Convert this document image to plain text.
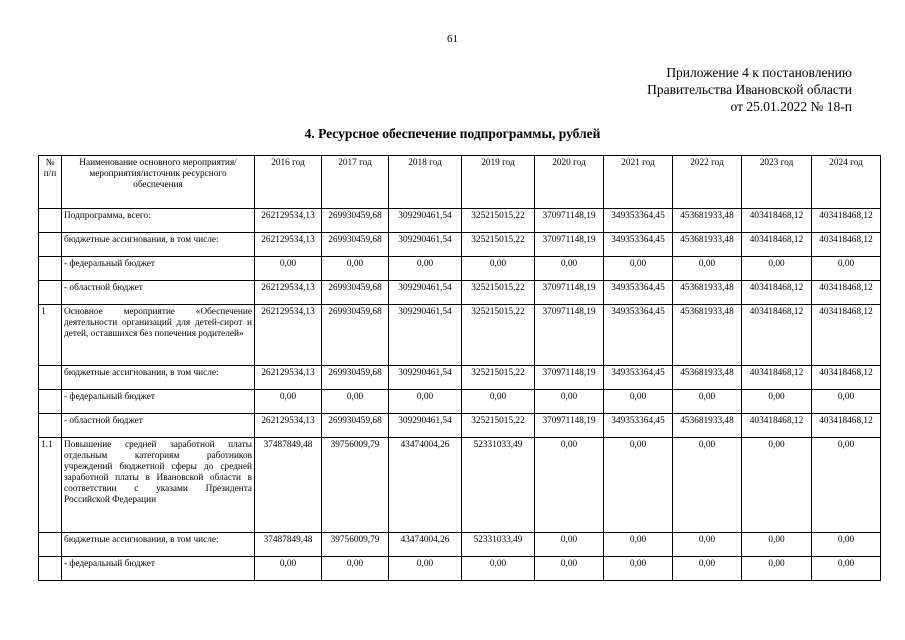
61
Приложение 4 к постановлению
Правительства Ивановской области
от 25.01.2022 № 18-п
4. Ресурсное обеспечение подпрограммы, рублей
№ п/п	Наименование основного мероприятия/мероприятия/источник ресурсного обеспечения	2016 год	2017 год	2018 год	2019 год	2020 год	2021 год	2022 год	2023 год	2024 год
	Подпрограмма, всего:	262129534,13	269930459,68	309290461,54	325215015,22	370971148,19	349353364,45	453681933,48	403418468,12	403418468,12
	бюджетные ассигнования, в том числе:	262129534,13	269930459,68	309290461,54	325215015,22	370971148,19	349353364,45	453681933,48	403418468,12	403418468,12
	- федеральный бюджет	0,00	0,00	0,00	0,00	0,00	0,00	0,00	0,00	0,00
	- областной бюджет	262129534,13	269930459,68	309290461,54	325215015,22	370971148,19	349353364,45	453681933,48	403418468,12	403418468,12
1	Основное мероприятие «Обеспечение деятельности организаций для детей-сирот и детей, оставшихся без попечения родителей»	262129534,13	269930459,68	309290461,54	325215015,22	370971148,19	349353364,45	453681933,48	403418468,12	403418468,12
	бюджетные ассигнования, в том числе:	262129534,13	269930459,68	309290461,54	325215015,22	370971148,19	349353364,45	453681933,48	403418468,12	403418468,12
	- федеральный бюджет	0,00	0,00	0,00	0,00	0,00	0,00	0,00	0,00	0,00
	- областной бюджет	262129534,13	269930459,68	309290461,54	325215015,22	370971148,19	349353364,45	453681933,48	403418468,12	403418468,12
1.1	Повышение средней заработной платы отдельным категориям работников учреждений бюджетной сферы до средней заработной платы в Ивановской области в соответствии с указами Президента Российской Федерации	37487849,48	39756009,79	43474004,26	52331033,49	0,00	0,00	0,00	0,00	0,00
	бюджетные ассигнования, в том числе:	37487849,48	39756009,79	43474004,26	52331033,49	0,00	0,00	0,00	0,00	0,00
	- федеральный бюджет	0,00	0,00	0,00	0,00	0,00	0,00	0,00	0,00	0,00
